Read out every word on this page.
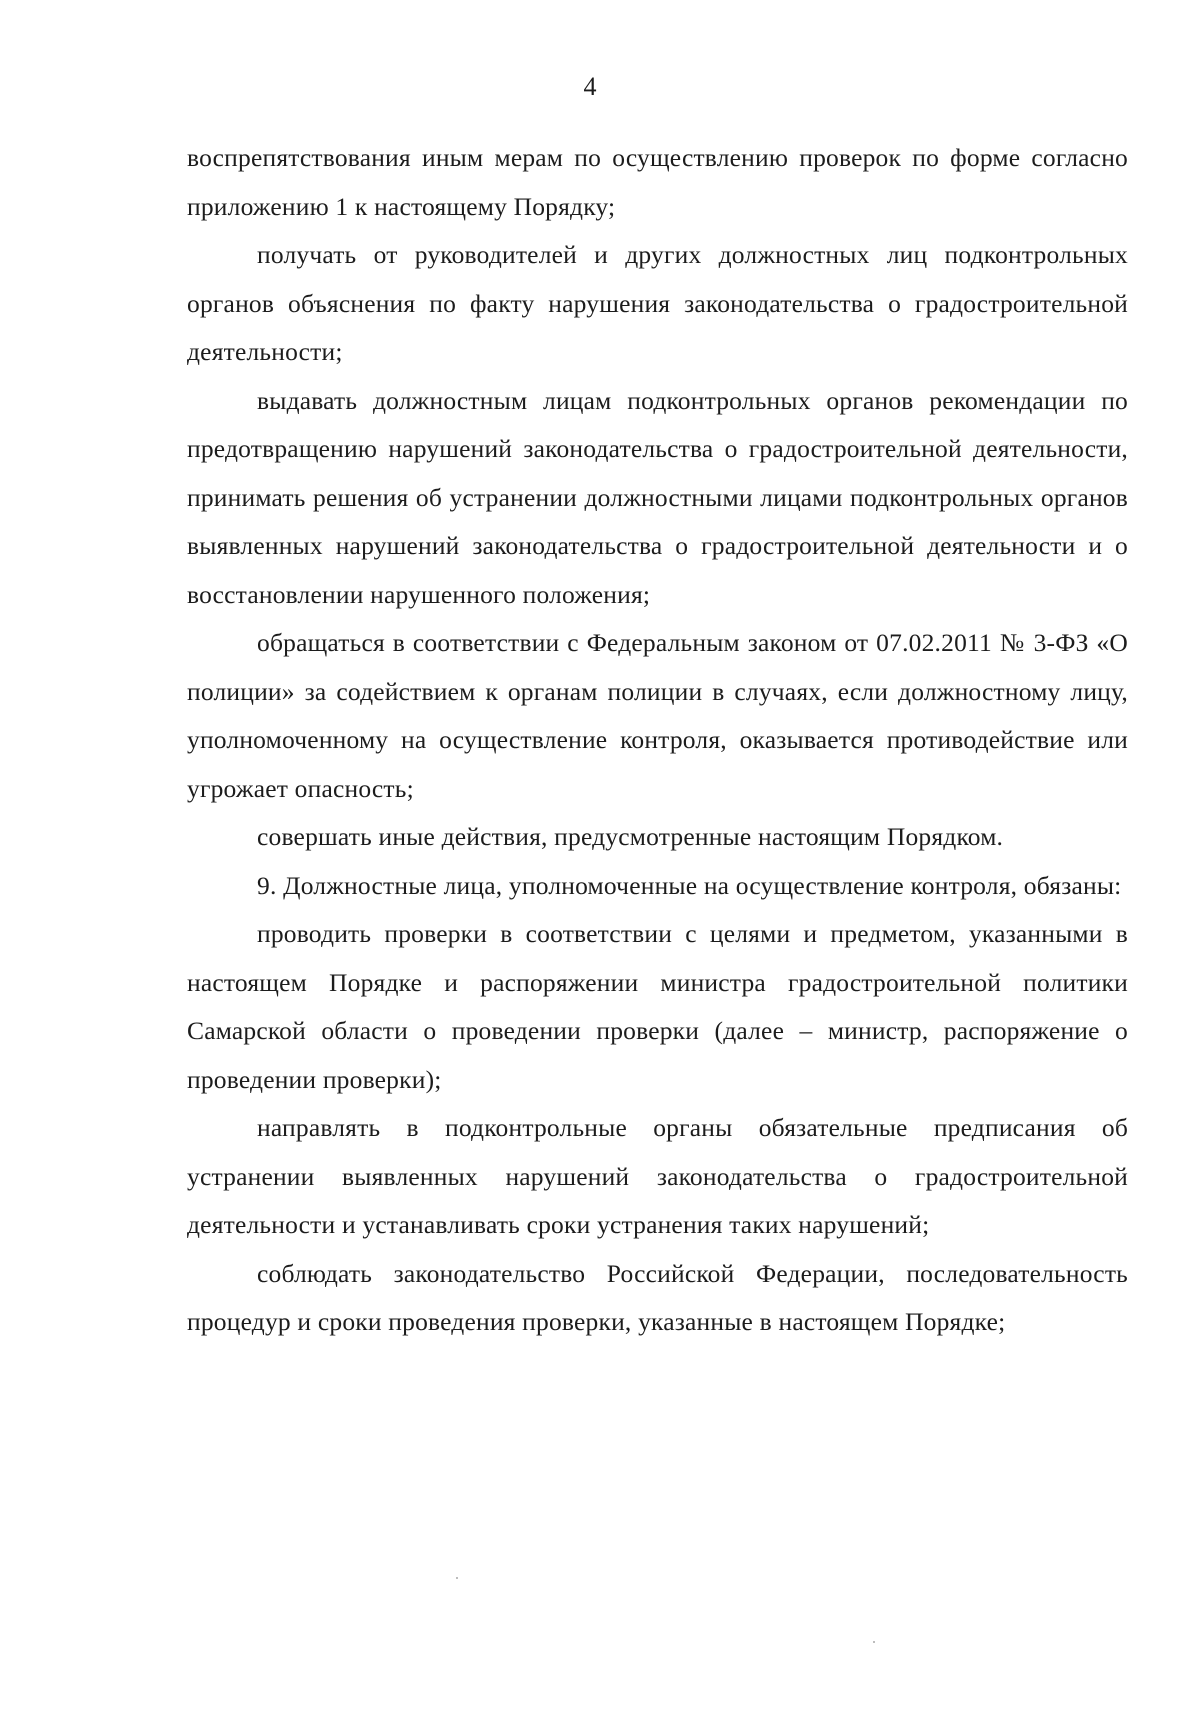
4

воспрепятствования иным мерам по осуществлению проверок по форме согласно приложению 1 к настоящему Порядку;

получать от руководителей и других должностных лиц подконтрольных органов объяснения по факту нарушения законодательства о градостроительной деятельности;

выдавать должностным лицам подконтрольных органов рекомендации по предотвращению нарушений законодательства о градостроительной деятельности, принимать решения об устранении должностными лицами подконтрольных органов выявленных нарушений законодательства о градостроительной деятельности и о восстановлении нарушенного положения;

обращаться в соответствии с Федеральным законом от 07.02.2011 № 3-ФЗ «О полиции» за содействием к органам полиции в случаях, если должностному лицу, уполномоченному на осуществление контроля, оказывается противодействие или угрожает опасность;

совершать иные действия, предусмотренные настоящим Порядком.

9. Должностные лица, уполномоченные на осуществление контроля, обязаны:

проводить проверки в соответствии с целями и предметом, указанными в настоящем Порядке и распоряжении министра градостроительной политики Самарской области о проведении проверки (далее – министр, распоряжение о проведении проверки);

направлять в подконтрольные органы обязательные предписания об устранении выявленных нарушений законодательства о градостроительной деятельности и устанавливать сроки устранения таких нарушений;

соблюдать законодательство Российской Федерации, последовательность процедур и сроки проведения проверки, указанные в настоящем Порядке;
